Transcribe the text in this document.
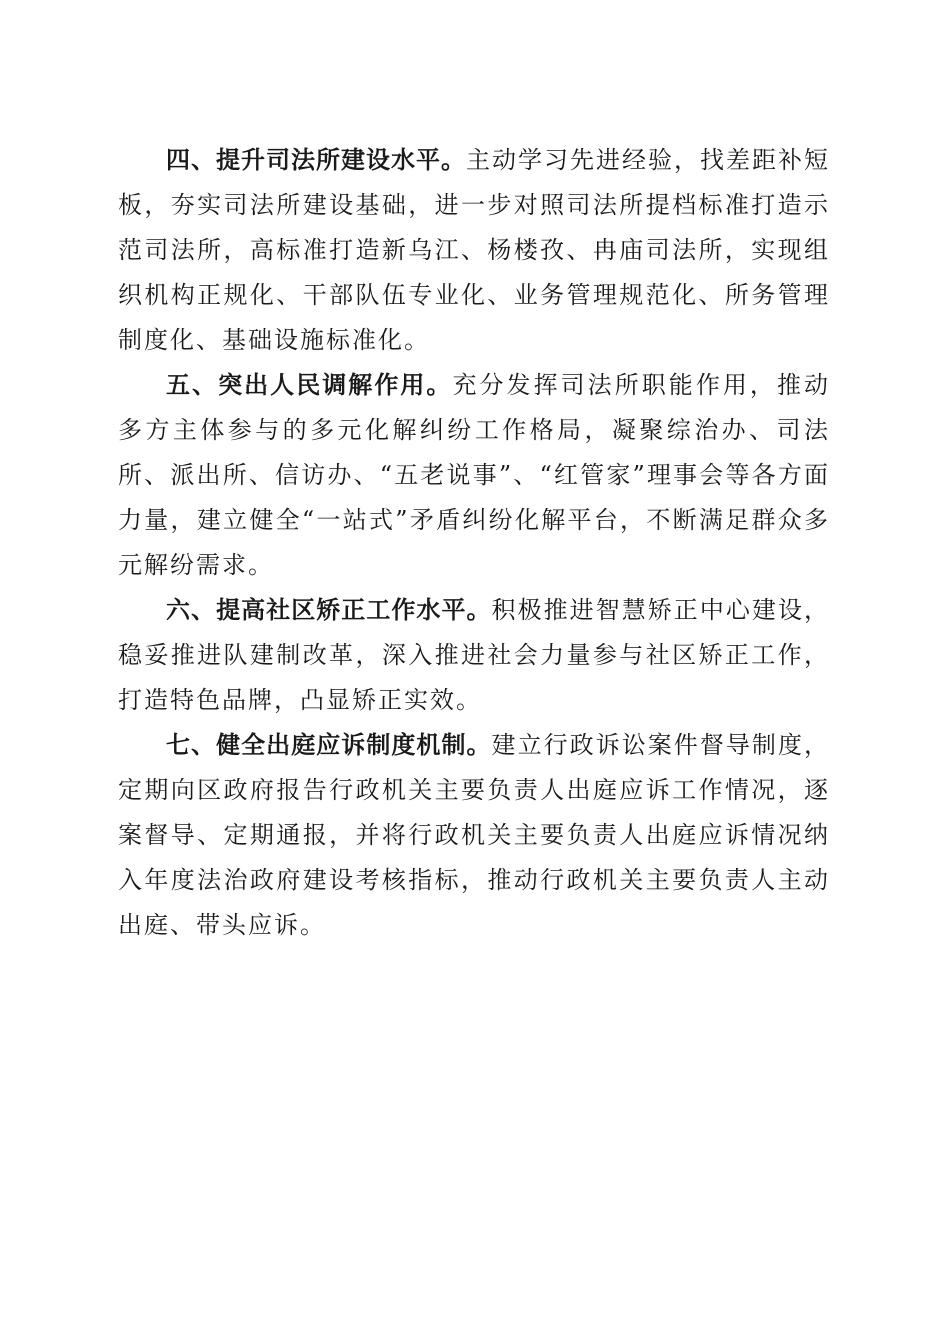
四、提升司法所建设水平。主动学习先进经验，找差距补短板，夯实司法所建设基础，进一步对照司法所提档标准打造示范司法所，高标准打造新乌江、杨楼孜、冉庙司法所，实现组织机构正规化、干部队伍专业化、业务管理规范化、所务管理制度化、基础设施标准化。

五、突出人民调解作用。充分发挥司法所职能作用，推动多方主体参与的多元化解纠纷工作格局，凝聚综治办、司法所、派出所、信访办、“五老说事”、“红管家”理事会等各方面力量，建立健全“一站式”矛盾纠纷化解平台，不断满足群众多元解纷需求。

六、提高社区矫正工作水平。积极推进智慧矫正中心建设，稳妥推进队建制改革，深入推进社会力量参与社区矫正工作，打造特色品牌，凸显矫正实效。

七、健全出庭应诉制度机制。建立行政诉讼案件督导制度，定期向区政府报告行政机关主要负责人出庭应诉工作情况，逐案督导、定期通报，并将行政机关主要负责人出庭应诉情况纳入年度法治政府建设考核指标，推动行政机关主要负责人主动出庭、带头应诉。
